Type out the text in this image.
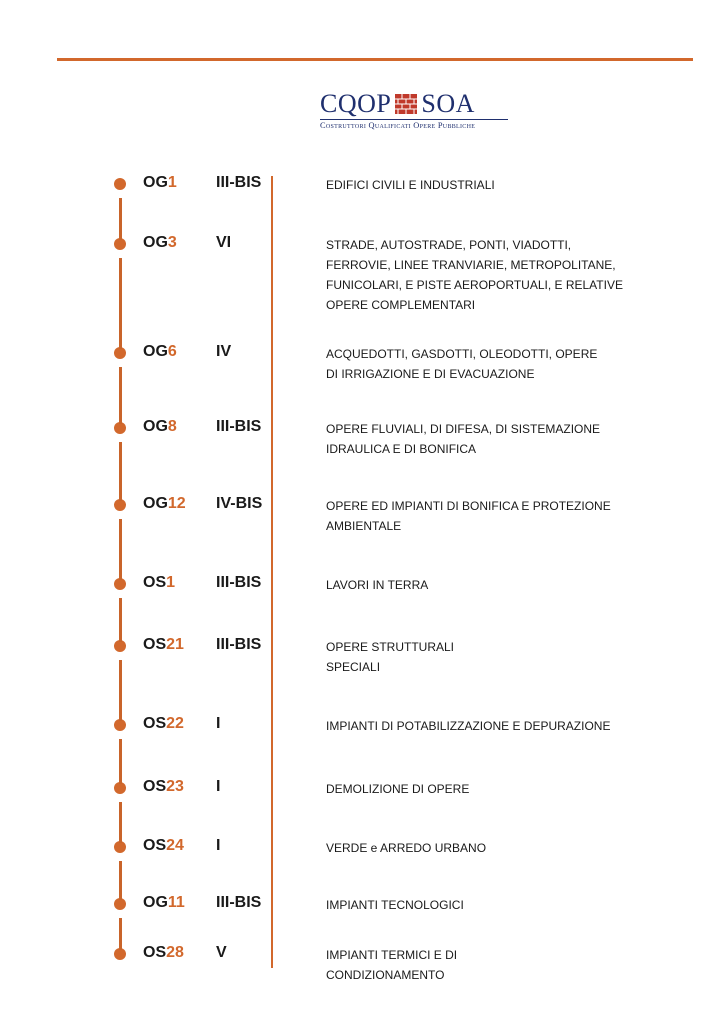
CQOP SOA
Costruttori Qualificati Opere Pubbliche
OG1 III-BIS	EDIFICI CIVILI E INDUSTRIALI
OG3 VI	STRADE, AUTOSTRADE, PONTI, VIADOTTI,
FERROVIE, LINEE TRANVIARIE, METROPOLITANE,
FUNICOLARI, E PISTE AEROPORTUALI, E RELATIVE
OPERE COMPLEMENTARI
OG6 IV	ACQUEDOTTI, GASDOTTI, OLEODOTTI, OPERE
DI IRRIGAZIONE E DI EVACUAZIONE
OG8 III-BIS	OPERE FLUVIALI, DI DIFESA, DI SISTEMAZIONE
IDRAULICA E DI BONIFICA
OG12 IV-BIS	OPERE ED IMPIANTI DI BONIFICA E PROTEZIONE
AMBIENTALE
OS1	III-BIS	LAVORI IN TERRA
OS21 III-BIS	OPERE STRUTTURALI
SPECIALI
OS22 I	IMPIANTI DI POTABILIZZAZIONE E DEPURAZIONE
OS23 I	DEMOLIZIONE DI OPERE
OS24 I	VERDE e ARREDO URBANO
OG11 III-BIS	IMPIANTI TECNOLOGICI
OS28 V	IMPIANTI TERMICI E DI
CONDIZIONAMENTO
